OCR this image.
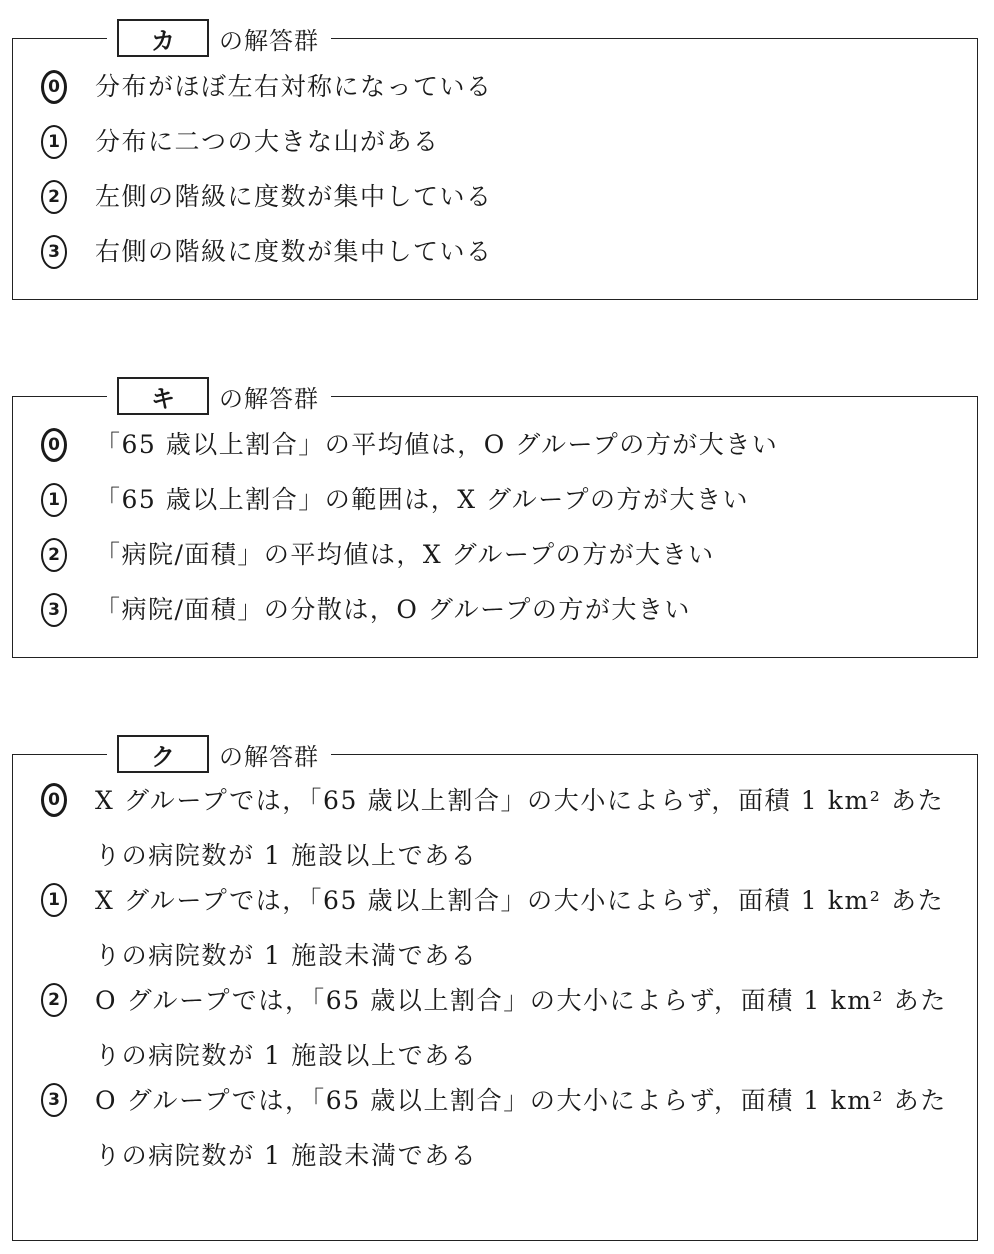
カ	の解答群
0 分布がほぼ左右対称になっている
1 分布に二つの大きな山がある
2 左側の階級に度数が集中している
3 右側の階級に度数が集中している
キ	の解答群
0 「65 歳以上割合」の平均値は，O グループの方が大きい
1 「65 歳以上割合」の範囲は，X グループの方が大きい
2 「病院/面積」の平均値は，X グループの方が大きい
3 「病院/面積」の分散は，O グループの方が大きい
ク	の解答群
0 X グループでは，「65 歳以上割合」の大小によらず，面積 1 km² あたりの病院数が 1 施設以上である
1 X グループでは，「65 歳以上割合」の大小によらず，面積 1 km² あたりの病院数が 1 施設未満である
2 O グループでは，「65 歳以上割合」の大小によらず，面積 1 km² あたりの病院数が 1 施設以上である
3 O グループでは，「65 歳以上割合」の大小によらず，面積 1 km² あたりの病院数が 1 施設未満である
